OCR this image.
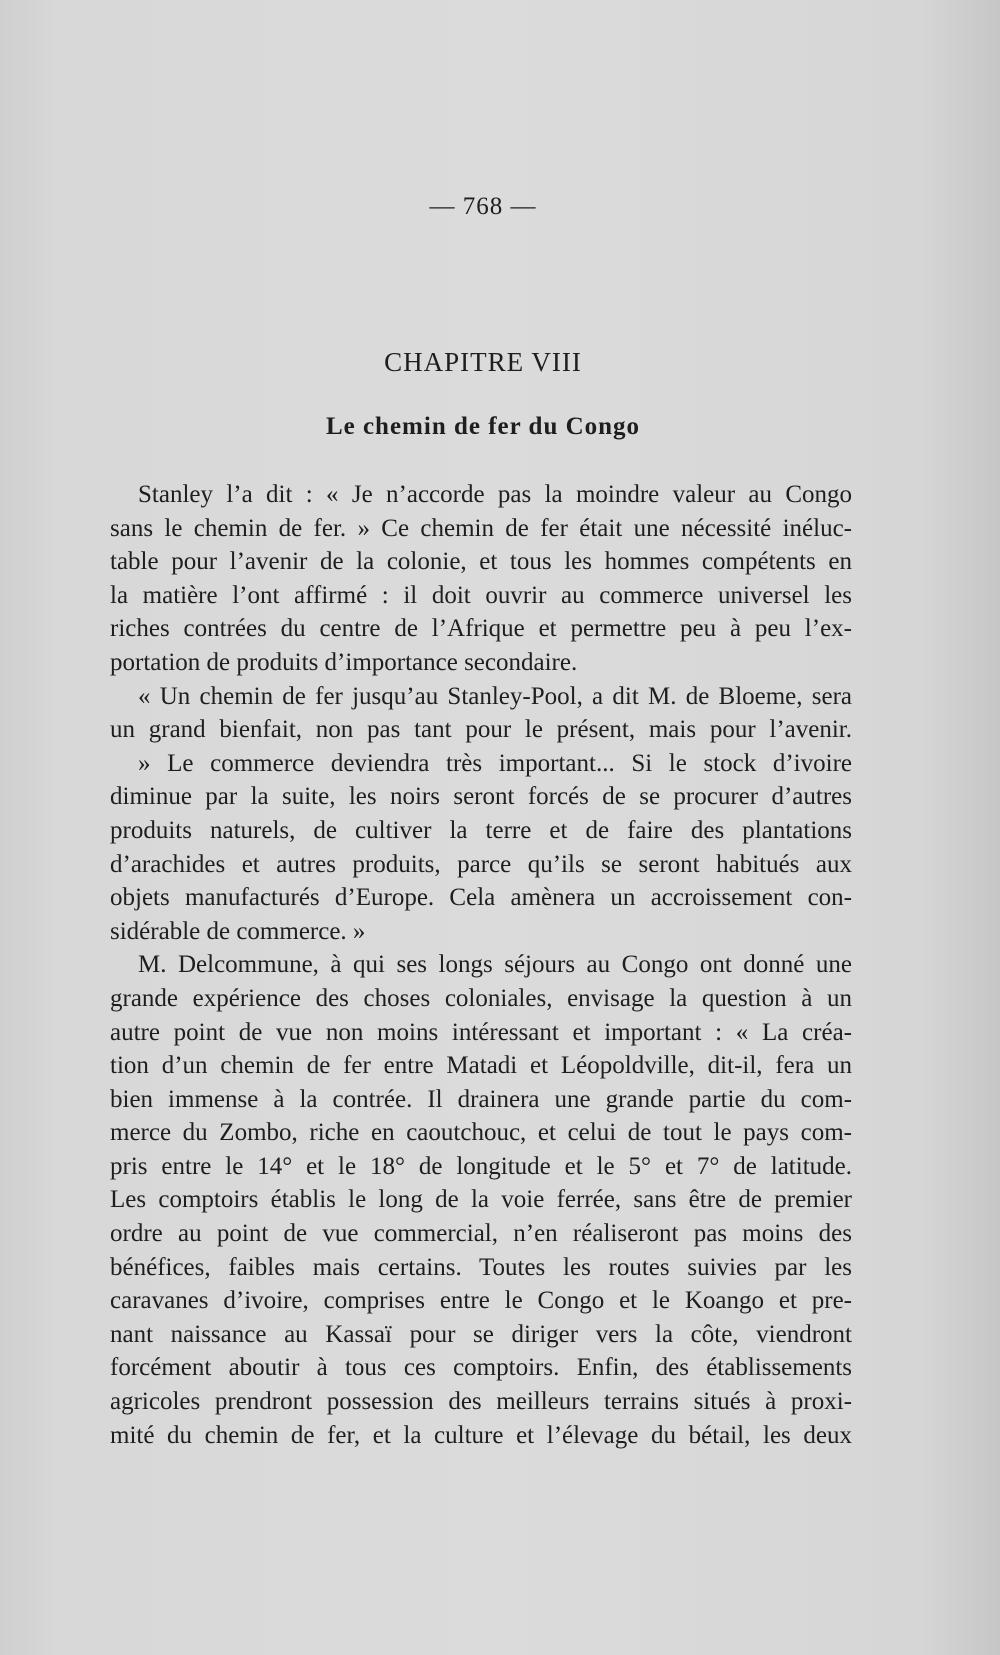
— 768 —
CHAPITRE VIII
Le chemin de fer du Congo
Stanley l’a dit : « Je n’accorde pas la moindre valeur au Congo
sans le chemin de fer. » Ce chemin de fer était une nécessité inéluc-
table pour l’avenir de la colonie, et tous les hommes compétents en
la matière l’ont affirmé : il doit ouvrir au commerce universel les
riches contrées du centre de l’Afrique et permettre peu à peu l’ex-
portation de produits d’importance secondaire.
« Un chemin de fer jusqu’au Stanley-Pool, a dit M. de Bloeme, sera
un grand bienfait, non pas tant pour le présent, mais pour l’avenir.
» Le commerce deviendra très important... Si le stock d’ivoire
diminue par la suite, les noirs seront forcés de se procurer d’autres
produits naturels, de cultiver la terre et de faire des plantations
d’arachides et autres produits, parce qu’ils se seront habitués aux
objets manufacturés d’Europe. Cela amènera un accroissement con-
sidérable de commerce. »
M. Delcommune, à qui ses longs séjours au Congo ont donné une
grande expérience des choses coloniales, envisage la question à un
autre point de vue non moins intéressant et important : « La créa-
tion d’un chemin de fer entre Matadi et Léopoldville, dit-il, fera un
bien immense à la contrée. Il drainera une grande partie du com-
merce du Zombo, riche en caoutchouc, et celui de tout le pays com-
pris entre le 14° et le 18° de longitude et le 5° et 7° de latitude.
Les comptoirs établis le long de la voie ferrée, sans être de premier
ordre au point de vue commercial, n’en réaliseront pas moins des
bénéfices, faibles mais certains. Toutes les routes suivies par les
caravanes d’ivoire, comprises entre le Congo et le Koango et pre-
nant naissance au Kassaï pour se diriger vers la côte, viendront
forcément aboutir à tous ces comptoirs. Enfin, des établissements
agricoles prendront possession des meilleurs terrains situés à proxi-
mité du chemin de fer, et la culture et l’élevage du bétail, les deux
